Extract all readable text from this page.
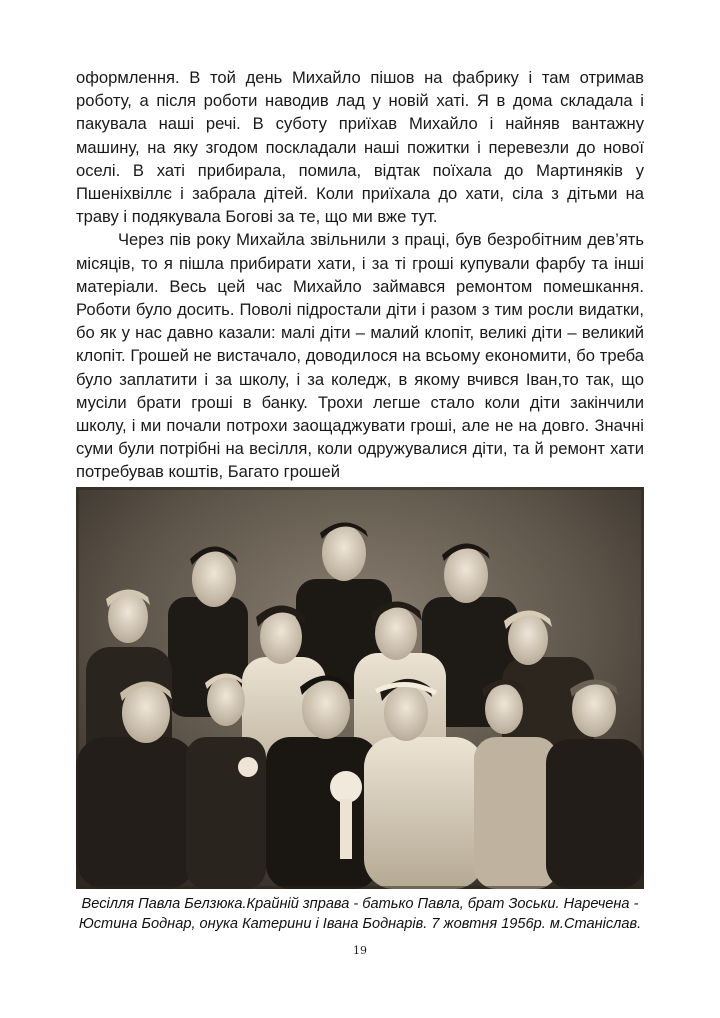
оформлення. В той день Михайло пішов на фабрику і там отримав роботу, а після роботи наводив лад у новій хаті. Я в дома складала і пакувала наші речі. В суботу приїхав Михайло і найняв вантажну машину, на яку згодом поскладали наші пожитки і перевезли до нової оселі. В хаті прибирала, помила, відтак поїхала до Мартиняків у Пшеніхвіллє і забрала дітей. Коли приїхала до хати, сіла з дітьми на траву і подякувала Богові за те, що ми вже тут.

Через пів року Михайла звільнили з праці, був безробітним дев’ять місяців, то я пішла прибирати хати, і за ті гроші купували фарбу та інші матеріали. Весь цей час Михайло займався ремонтом помешкання. Роботи було досить. Поволі підростали діти і разом з тим росли видатки, бо як у нас давно казали: малі діти – малий клопіт, великі діти – великий клопіт. Грошей не вистачало, доводилося на всьому економити, бо треба було заплатити і за школу, і за коледж, в якому вчився Іван,то так, що мусіли брати гроші в банку. Трохи легше стало коли діти закінчили школу, і ми почали потрохи заощаджувати гроші, але не на довго. Значні суми були потрібні на весілля, коли одружувалися діти, та й ремонт хати потребував коштів, Багато грошей

Весілля Павла Белзюка.Крайній зправа - батько Павла, брат Зоськи. Наречена -
Юстина Боднар, онука Катерини і Івана Боднарів. 7 жовтня 1956р. м.Станіслав.
19
